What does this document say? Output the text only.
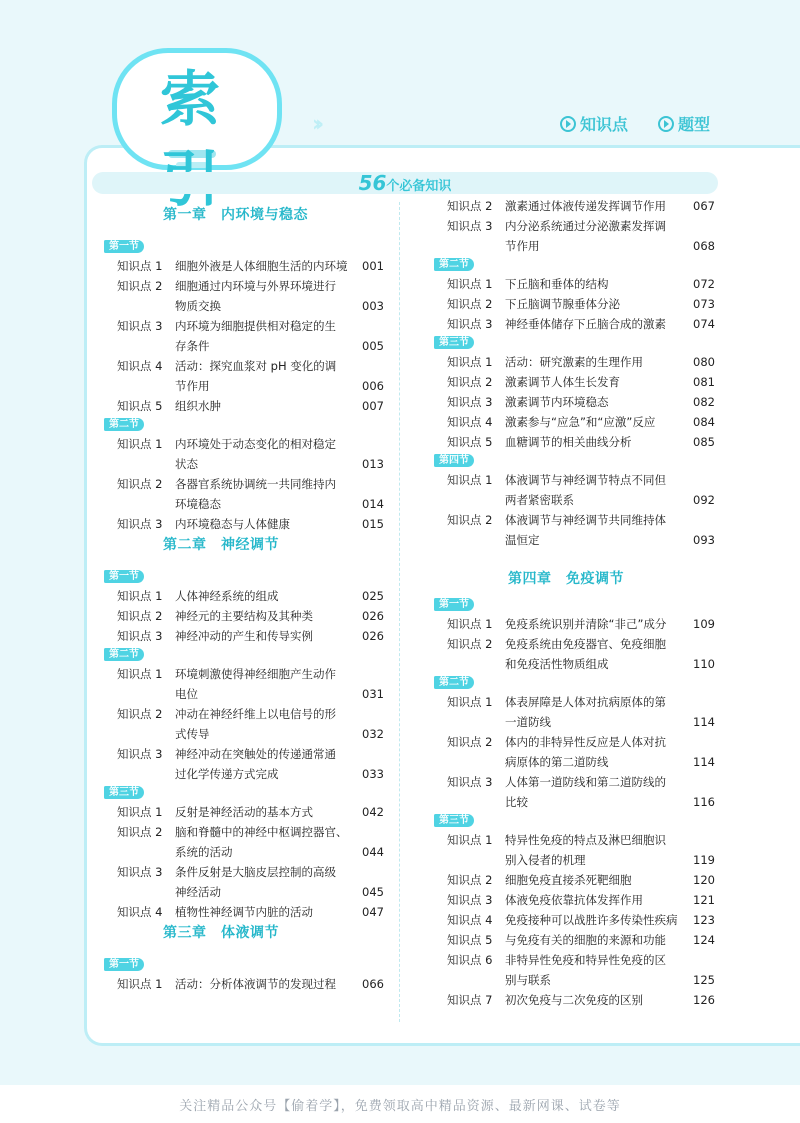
索	››	知识点	题型
56个必备知识
关注精品公众号【偷着学】，免费领取高中精品资源、最新网课、试卷等
第一章　内环境与稳态
第一节
知识点 1 细胞外液是人体细胞生活的内环境 001
知识点 2 细胞通过内环境与外界环境进行
物质交换	003
知识点 3 内环境为细胞提供相对稳定的生
存条件	005
知识点 4 活动：探究血浆对 pH 变化的调
节作用	006
知识点 5 组织水肿	007
第二节
知识点 1 内环境处于动态变化的相对稳定
状态	013
知识点 2 各器官系统协调统一共同维持内
环境稳态	014
知识点 3 内环境稳态与人体健康	015
第二章　神经调节
第一节
知识点 1 人体神经系统的组成	025
知识点 2 神经元的主要结构及其种类	026
知识点 3 神经冲动的产生和传导实例	026
第二节
知识点 1 环境刺激使得神经细胞产生动作
电位	031
知识点 2 冲动在神经纤维上以电信号的形
式传导	032
知识点 3 神经冲动在突触处的传递通常通
过化学传递方式完成	033
第三节
知识点 1 反射是神经活动的基本方式	042
知识点 2 脑和脊髓中的神经中枢调控器官、
系统的活动	044
知识点 3 条件反射是大脑皮层控制的高级
神经活动	045
知识点 4 植物性神经调节内脏的活动	047
第三章　体液调节
第一节
知识点 1 活动：分析体液调节的发现过程 066
知识点 2 激素通过体液传递发挥调节作用 067
知识点 3 内分泌系统通过分泌激素发挥调
节作用	068
第二节
知识点 1 下丘脑和垂体的结构	072
知识点 2 下丘脑调节腺垂体分泌	073
知识点 3 神经垂体储存下丘脑合成的激素 074
第三节
知识点 1 活动：研究激素的生理作用	080
知识点 2 激素调节人体生长发育	081
知识点 3 激素调节内环境稳态	082
知识点 4 激素参与“应急”和“应激”反应	084
知识点 5 血糖调节的相关曲线分析	085
第四节
知识点 1 体液调节与神经调节特点不同但
两者紧密联系	092
知识点 2 体液调节与神经调节共同维持体
温恒定	093
第四章　免疫调节
第一节
知识点 1 免疫系统识别并清除“非己”成分 109
知识点 2 免疫系统由免疫器官、免疫细胞
和免疫活性物质组成	110
第二节
知识点 1 体表屏障是人体对抗病原体的第
一道防线	114
知识点 2 体内的非特异性反应是人体对抗
病原体的第二道防线	114
知识点 3 人体第一道防线和第二道防线的
比较	116
第三节
知识点 1 特异性免疫的特点及淋巴细胞识
别入侵者的机理	119
知识点 2 细胞免疫直接杀死靶细胞	120
知识点 3 体液免疫依靠抗体发挥作用	121
知识点 4 免疫接种可以战胜许多传染性疾病 123
知识点 5 与免疫有关的细胞的来源和功能 124
知识点 6 非特异性免疫和特异性免疫的区
别与联系	125
知识点 7 初次免疫与二次免疫的区别	126
